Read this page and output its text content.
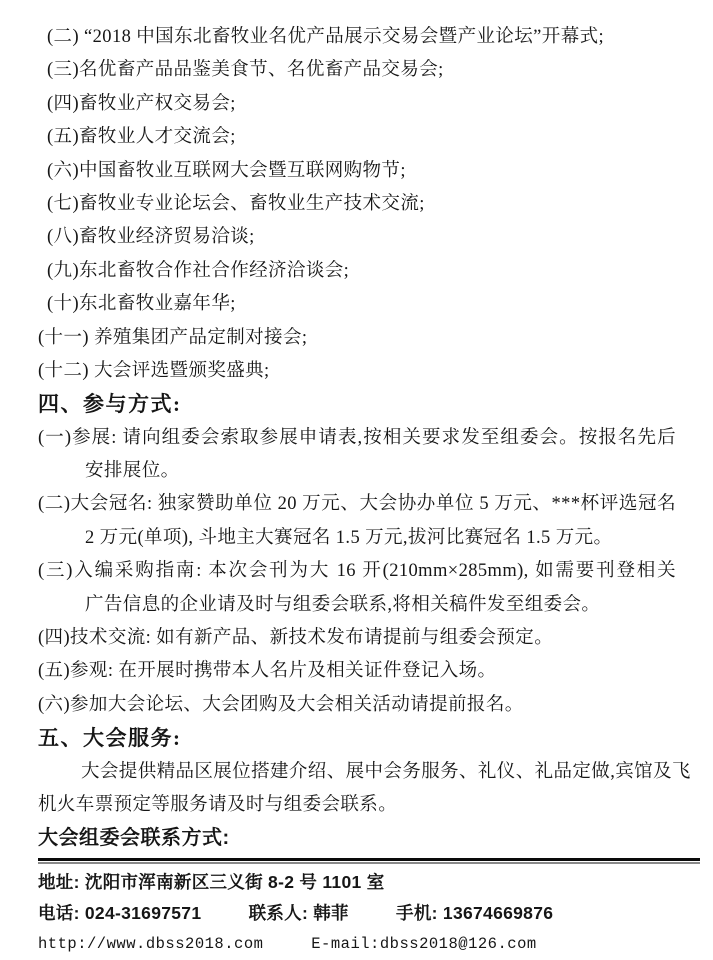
(二) “2018 中国东北畜牧业名优产品展示交易会暨产业论坛”开幕式;
(三)名优畜产品品鉴美食节、名优畜产品交易会;
(四)畜牧业产权交易会;
(五)畜牧业人才交流会;
(六)中国畜牧业互联网大会暨互联网购物节;
(七)畜牧业专业论坛会、畜牧业生产技术交流;
(八)畜牧业经济贸易洽谈;
(九)东北畜牧合作社合作经济洽谈会;
(十)东北畜牧业嘉年华;
(十一) 养殖集团产品定制对接会;
(十二) 大会评选暨颁奖盛典;
四、参与方式:
(一)参展: 请向组委会索取参展申请表,按相关要求发至组委会。按报名先后
安排展位。
(二)大会冠名: 独家赞助单位 20 万元、大会协办单位 5 万元、***杯评选冠名
2 万元(单项), 斗地主大赛冠名 1.5 万元,拔河比赛冠名 1.5 万元。
(三)入编采购指南: 本次会刊为大 16 开(210mm×285mm), 如需要刊登相关
广告信息的企业请及时与组委会联系,将相关稿件发至组委会。
(四)技术交流: 如有新产品、新技术发布请提前与组委会预定。
(五)参观: 在开展时携带本人名片及相关证件登记入场。
(六)参加大会论坛、大会团购及大会相关活动请提前报名。
五、大会服务:
大会提供精品区展位搭建介绍、展中会务服务、礼仪、礼品定做,宾馆及飞
机火车票预定等服务请及时与组委会联系。
大会组委会联系方式:
地址: 沈阳市浑南新区三义街 8-2 号 1101 室
电话: 024-31697571	联系人: 韩菲	手机: 13674669876
http://www.dbss2018.com	E-mail:dbss2018@126.com
